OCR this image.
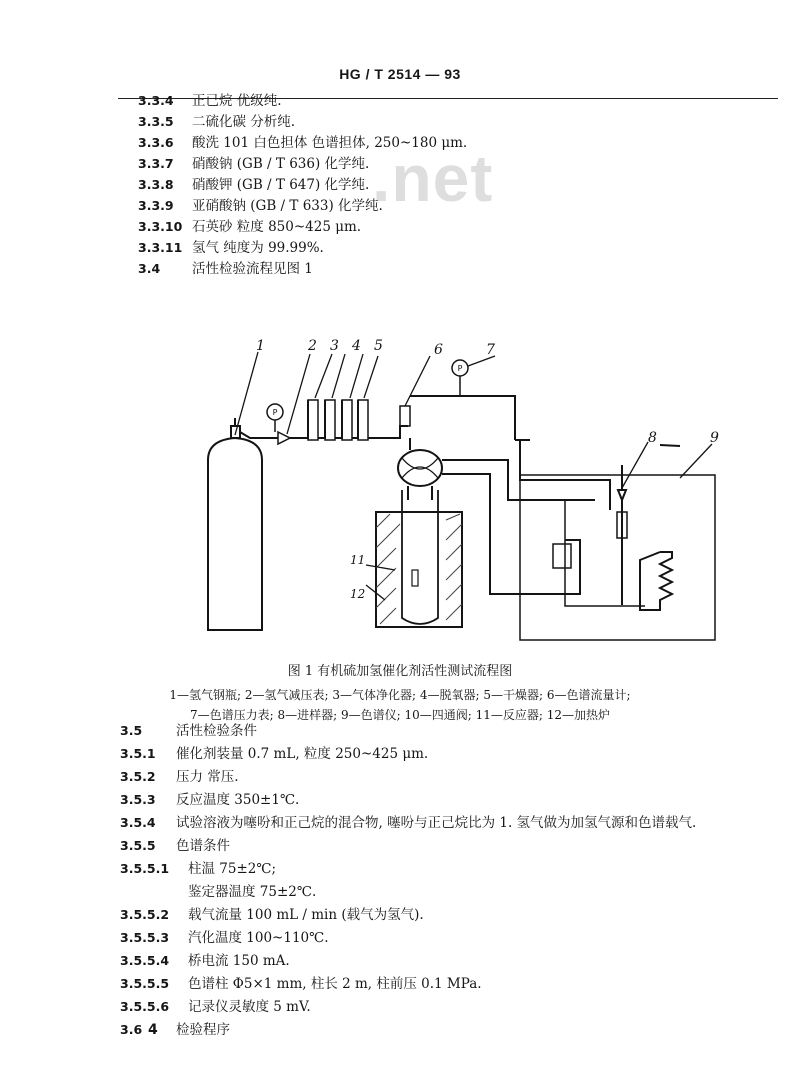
HG / T 2514 — 93
.net
3.3.4 正已烷 优级纯.
3.3.5 二硫化碳 分析纯.
3.3.6 酸洗 101 白色担体 色谱担体, 250~180 μm.
3.3.7 硝酸钠 (GB / T 636) 化学纯.
3.3.8 硝酸钾 (GB / T 647) 化学纯.
3.3.9 亚硝酸钠 (GB / T 633) 化学纯.
3.3.10 石英砂 粒度 850~425 μm.
3.3.11 氢气 纯度为 99.99%.
3.4 活性检验流程见图 1
1	2 3 4 5	6	7
8	9
11
12
P
P
图 1 有机硫加氢催化剂活性测试流程图
1—氢气钢瓶; 2—氢气减压表; 3—气体净化器; 4—脱氧器; 5—干燥器; 6—色谱流量计;
7—色谱压力表; 8—进样器; 9—色谱仪; 10—四通阀; 11—反应器; 12—加热炉
3.5	活性检验条件
3.5.1 催化剂装量 0.7 mL, 粒度 250~425 μm.
3.5.2 压力 常压.
3.5.3 反应温度 350±1℃.
3.5.4 试验溶液为噻吩和正己烷的混合物, 噻吩与正己烷比为 1. 氢气做为加氢气源和色谱载气.
3.5.5 色谱条件
3.5.5.1 柱温 75±2℃;
鉴定器温度 75±2℃.
3.5.5.2 载气流量 100 mL / min (载气为氢气).
3.5.5.3 汽化温度 100~110℃.
3.5.5.4 桥电流 150 mA.
3.5.5.5 色谱柱 Φ5×1 mm, 柱长 2 m, 柱前压 0.1 MPa.
3.5.5.6 记录仪灵敏度 5 mV.
3.6	检验程序
4
